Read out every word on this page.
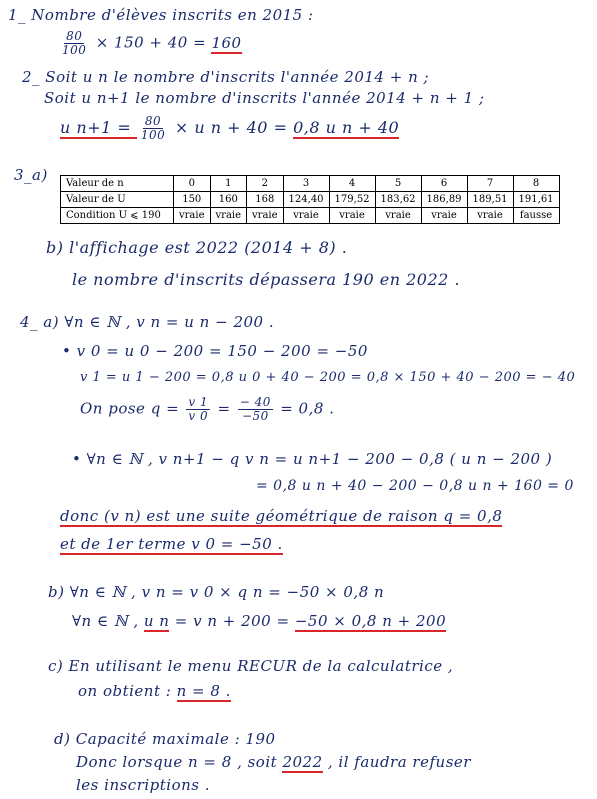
1_ Nombre d'élèves inscrits en 2015 :
$\frac{80}{100} \times 150 + 40 = 160$
2_ Soit u n le nombre d'inscrits l'année 2014 + n ;
Soit u n+1 le nombre d'inscrits l'année 2014 + n + 1 ;
u $n+1 = \frac{80}{100} \times u$ n + 40 = 0,8 u n + 40
3_a) Valeur de n	0	1	2	3	4	5	6	7	8
Valeur de U	150	160	168	124,40	179,52	183,62	186,89	189,51	191,61
Condition U ⩽ 190	vraie	vraie	vraie	vraie	vraie	vraie	vraie	vraie	fausse
b) l'affichage est 2022 (2014 + 8) .
le nombre d'inscrits dépassera 190 en 2022 .
4_ a) ∀n ∈ ℕ , v n = u n − 200 .
• v 0 = u 0 − 200 = 150 − 200 = −50
v 1 = u 1 − 200 = 0,8 u 0 + 40 − 200 = 0,8 × 150 + 40 − 200 = − 40
On pose $q = \frac{v 1}{v 0} = \frac{- 40}{-50} = 0,8$ .
• ∀n ∈ ℕ , v n+1 − q v n = u n+1 − 200 − 0,8 ( u n − 200 )
= 0,8 u n + 40 − 200 − 0,8 u n + 160 = 0
donc (v n) est une suite géométrique de raison q = 0,8
et de 1er terme v 0 = −50 .
b) ∀n ∈ ℕ , v n = v 0 × q n = −50 × 0,8 n
∀n ∈ ℕ , u n = v n + 200 = −50 × 0,8 n + 200
c) En utilisant le menu RECUR de la calculatrice ,
on obtient : n = 8 .
d) Capacité maximale : 190
Donc lorsque n = 8 , soit 2022 , il faudra refuser
les inscriptions .
